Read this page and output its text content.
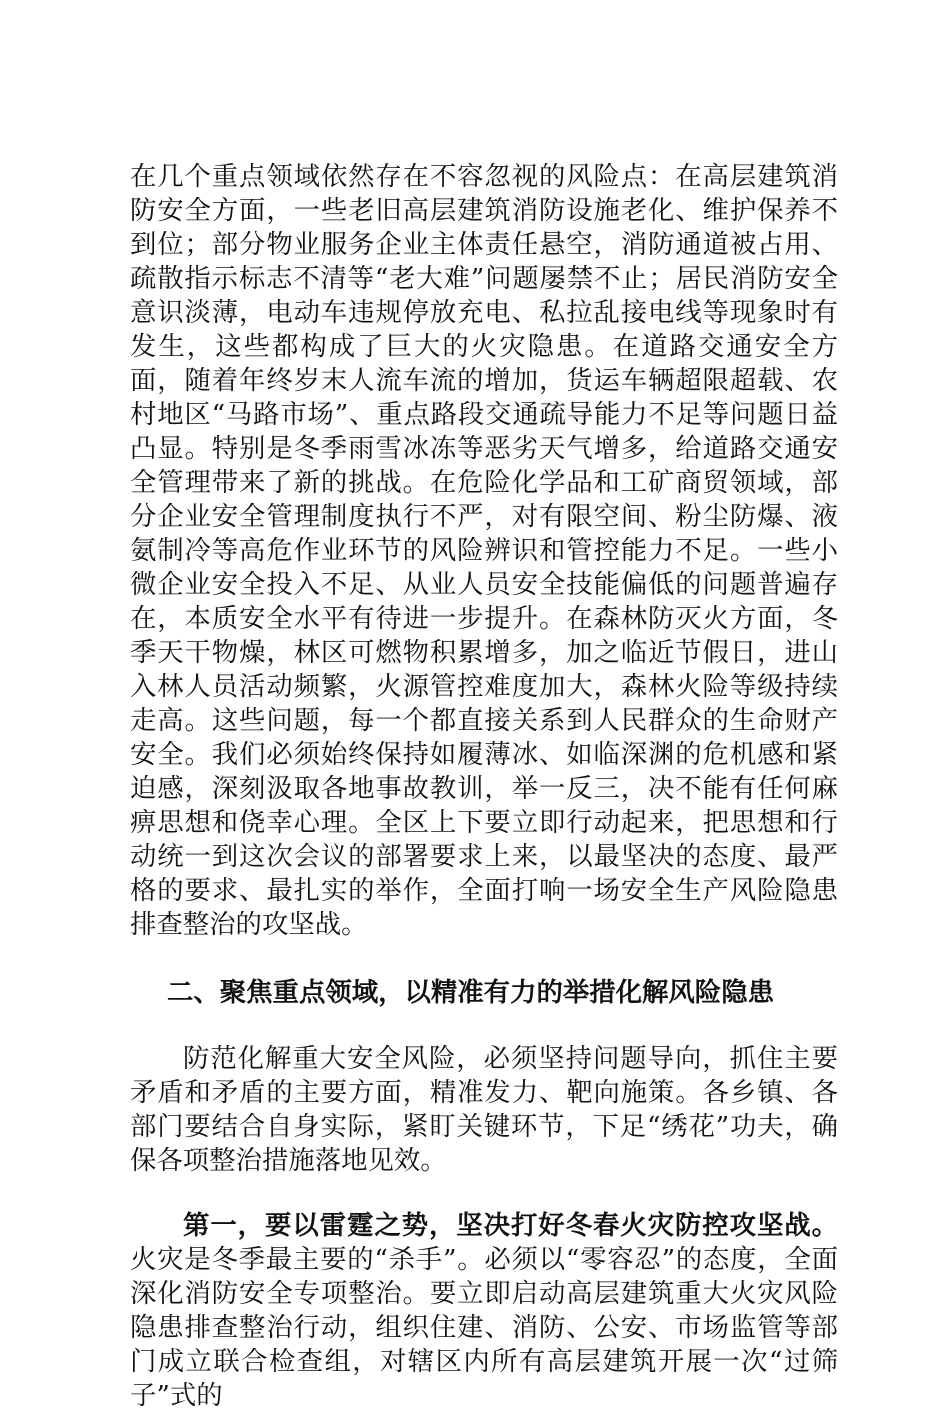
在几个重点领域依然存在不容忽视的风险点：在高层建筑消防安全方面，一些老旧高层建筑消防设施老化、维护保养不到位；部分物业服务企业主体责任悬空，消防通道被占用、疏散指示标志不清等“老大难”问题屡禁不止；居民消防安全意识淡薄，电动车违规停放充电、私拉乱接电线等现象时有发生，这些都构成了巨大的火灾隐患。在道路交通安全方面，随着年终岁末人流车流的增加，货运车辆超限超载、农村地区“马路市场”、重点路段交通疏导能力不足等问题日益凸显。特别是冬季雨雪冰冻等恶劣天气增多，给道路交通安全管理带来了新的挑战。在危险化学品和工矿商贸领域，部分企业安全管理制度执行不严，对有限空间、粉尘防爆、液氨制冷等高危作业环节的风险辨识和管控能力不足。一些小微企业安全投入不足、从业人员安全技能偏低的问题普遍存在，本质安全水平有待进一步提升。在森林防灭火方面，冬季天干物燥，林区可燃物积累增多，加之临近节假日，进山入林人员活动频繁，火源管控难度加大，森林火险等级持续走高。这些问题，每一个都直接关系到人民群众的生命财产安全。我们必须始终保持如履薄冰、如临深渊的危机感和紧迫感，深刻汲取各地事故教训，举一反三，决不能有任何麻痹思想和侥幸心理。全区上下要立即行动起来，把思想和行动统一到这次会议的部署要求上来，以最坚决的态度、最严格的要求、最扎实的举作，全面打响一场安全生产风险隐患排查整治的攻坚战。

二、聚焦重点领域，以精准有力的举措化解风险隐患

防范化解重大安全风险，必须坚持问题导向，抓住主要矛盾和矛盾的主要方面，精准发力、靶向施策。各乡镇、各部门要结合自身实际，紧盯关键环节，下足“绣花”功夫，确保各项整治措施落地见效。

第一，要以雷霆之势，坚决打好冬春火灾防控攻坚战。火灾是冬季最主要的“杀手”。必须以“零容忍”的态度，全面深化消防安全专项整治。要立即启动高层建筑重大火灾风险隐患排查整治行动，组织住建、消防、公安、市场监管等部门成立联合检查组，对辖区内所有高层建筑开展一次“过筛子”式的
